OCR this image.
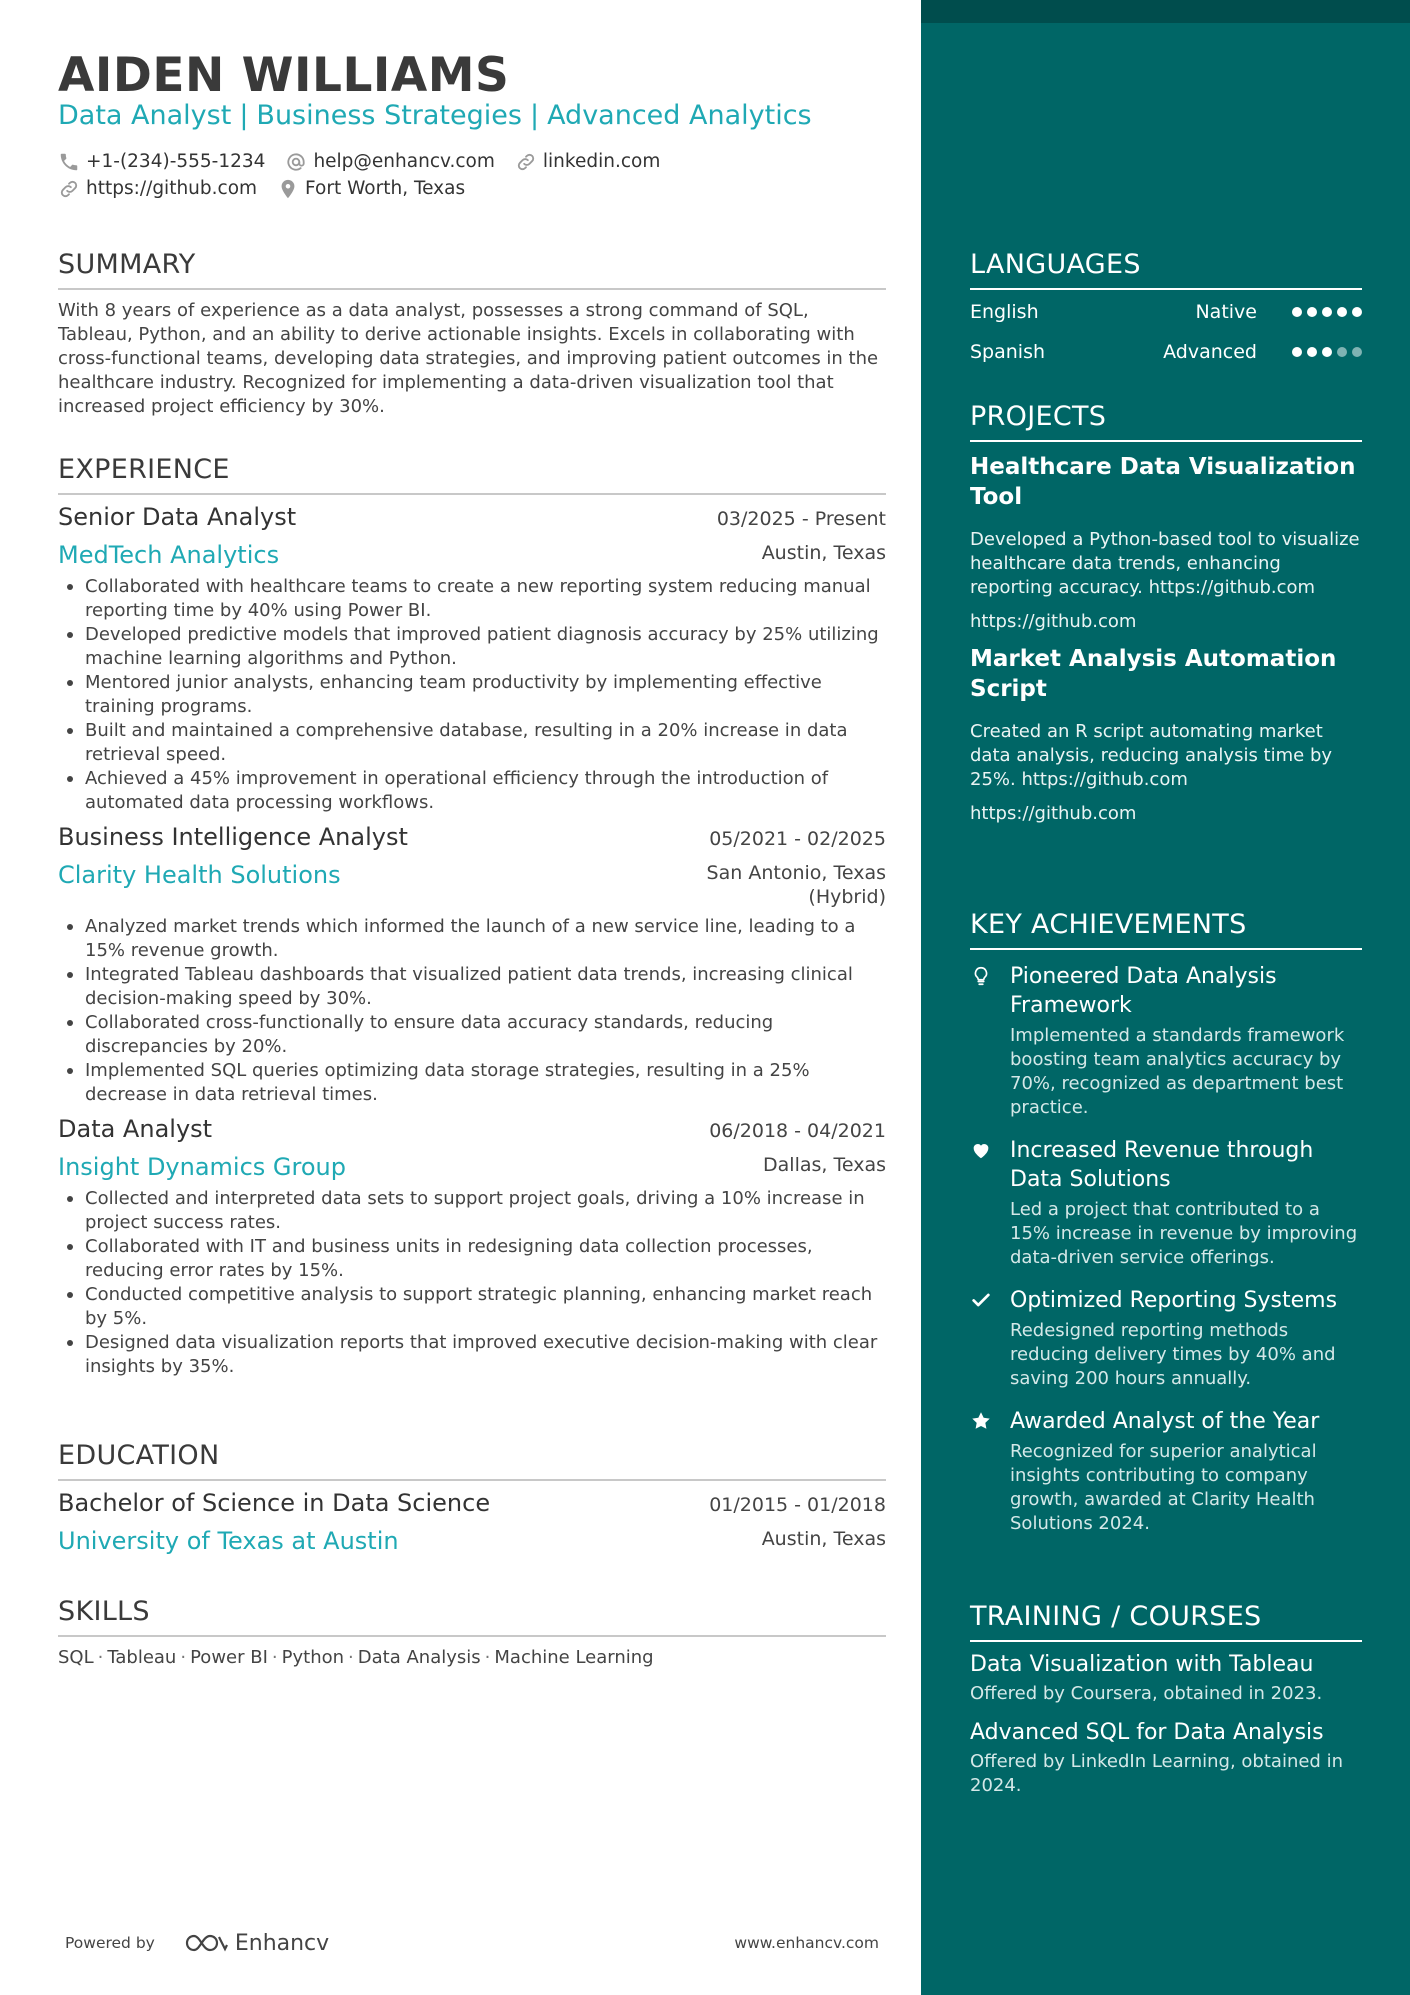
AIDEN WILLIAMS
Data Analyst | Business Strategies | Advanced Analytics
+1-(234)-555-1234	help@enhancv.com	linkedin.com
https://github.com	Fort Worth, Texas
SUMMARY
With 8 years of experience as a data analyst, possesses a strong command of SQL, Tableau, Python, and an ability to derive actionable insights. Excels in collaborating with cross-functional teams, developing data strategies, and improving patient outcomes in the healthcare industry. Recognized for implementing a data-driven visualization tool that increased project efficiency by 30%.
EXPERIENCE
Senior Data Analyst	03/2025 - Present
MedTech Analytics	Austin, Texas
Collaborated with healthcare teams to create a new reporting system reducing manual reporting time by 40% using Power BI.
Developed predictive models that improved patient diagnosis accuracy by 25% utilizing machine learning algorithms and Python.
Mentored junior analysts, enhancing team productivity by implementing effective training programs.
Built and maintained a comprehensive database, resulting in a 20% increase in data retrieval speed.
Achieved a 45% improvement in operational efficiency through the introduction of automated data processing workflows.
Business Intelligence Analyst	05/2021 - 02/2025
Clarity Health Solutions	San Antonio, Texas
(Hybrid)
Analyzed market trends which informed the launch of a new service line, leading to a 15% revenue growth.
Integrated Tableau dashboards that visualized patient data trends, increasing clinical decision-making speed by 30%.
Collaborated cross-functionally to ensure data accuracy standards, reducing discrepancies by 20%.
Implemented SQL queries optimizing data storage strategies, resulting in a 25% decrease in data retrieval times.
Data Analyst	06/2018 - 04/2021
Insight Dynamics Group	Dallas, Texas
Collected and interpreted data sets to support project goals, driving a 10% increase in project success rates.
Collaborated with IT and business units in redesigning data collection processes, reducing error rates by 15%.
Conducted competitive analysis to support strategic planning, enhancing market reach by 5%.
Designed data visualization reports that improved executive decision-making with clear insights by 35%.
EDUCATION
Bachelor of Science in Data Science	01/2015 - 01/2018
University of Texas at Austin	Austin, Texas
SKILLS
SQL · Tableau · Power BI · Python · Data Analysis · Machine Learning
Powered by	Enhancv	www.enhancv.com
LANGUAGES
English	Native
Spanish	Advanced
PROJECTS
Healthcare Data Visualization Tool
Developed a Python-based tool to visualize healthcare data trends, enhancing reporting accuracy. https://github.com
https://github.com
Market Analysis Automation Script
Created an R script automating market data analysis, reducing analysis time by 25%. https://github.com
https://github.com
KEY ACHIEVEMENTS
Pioneered Data Analysis Framework
Implemented a standards framework boosting team analytics accuracy by 70%, recognized as department best practice.
Increased Revenue through Data Solutions
Led a project that contributed to a 15% increase in revenue by improving data-driven service offerings.
Optimized Reporting Systems
Redesigned reporting methods reducing delivery times by 40% and saving 200 hours annually.
Awarded Analyst of the Year
Recognized for superior analytical insights contributing to company growth, awarded at Clarity Health Solutions 2024.
TRAINING / COURSES
Data Visualization with Tableau
Offered by Coursera, obtained in 2023.
Advanced SQL for Data Analysis
Offered by LinkedIn Learning, obtained in 2024.
